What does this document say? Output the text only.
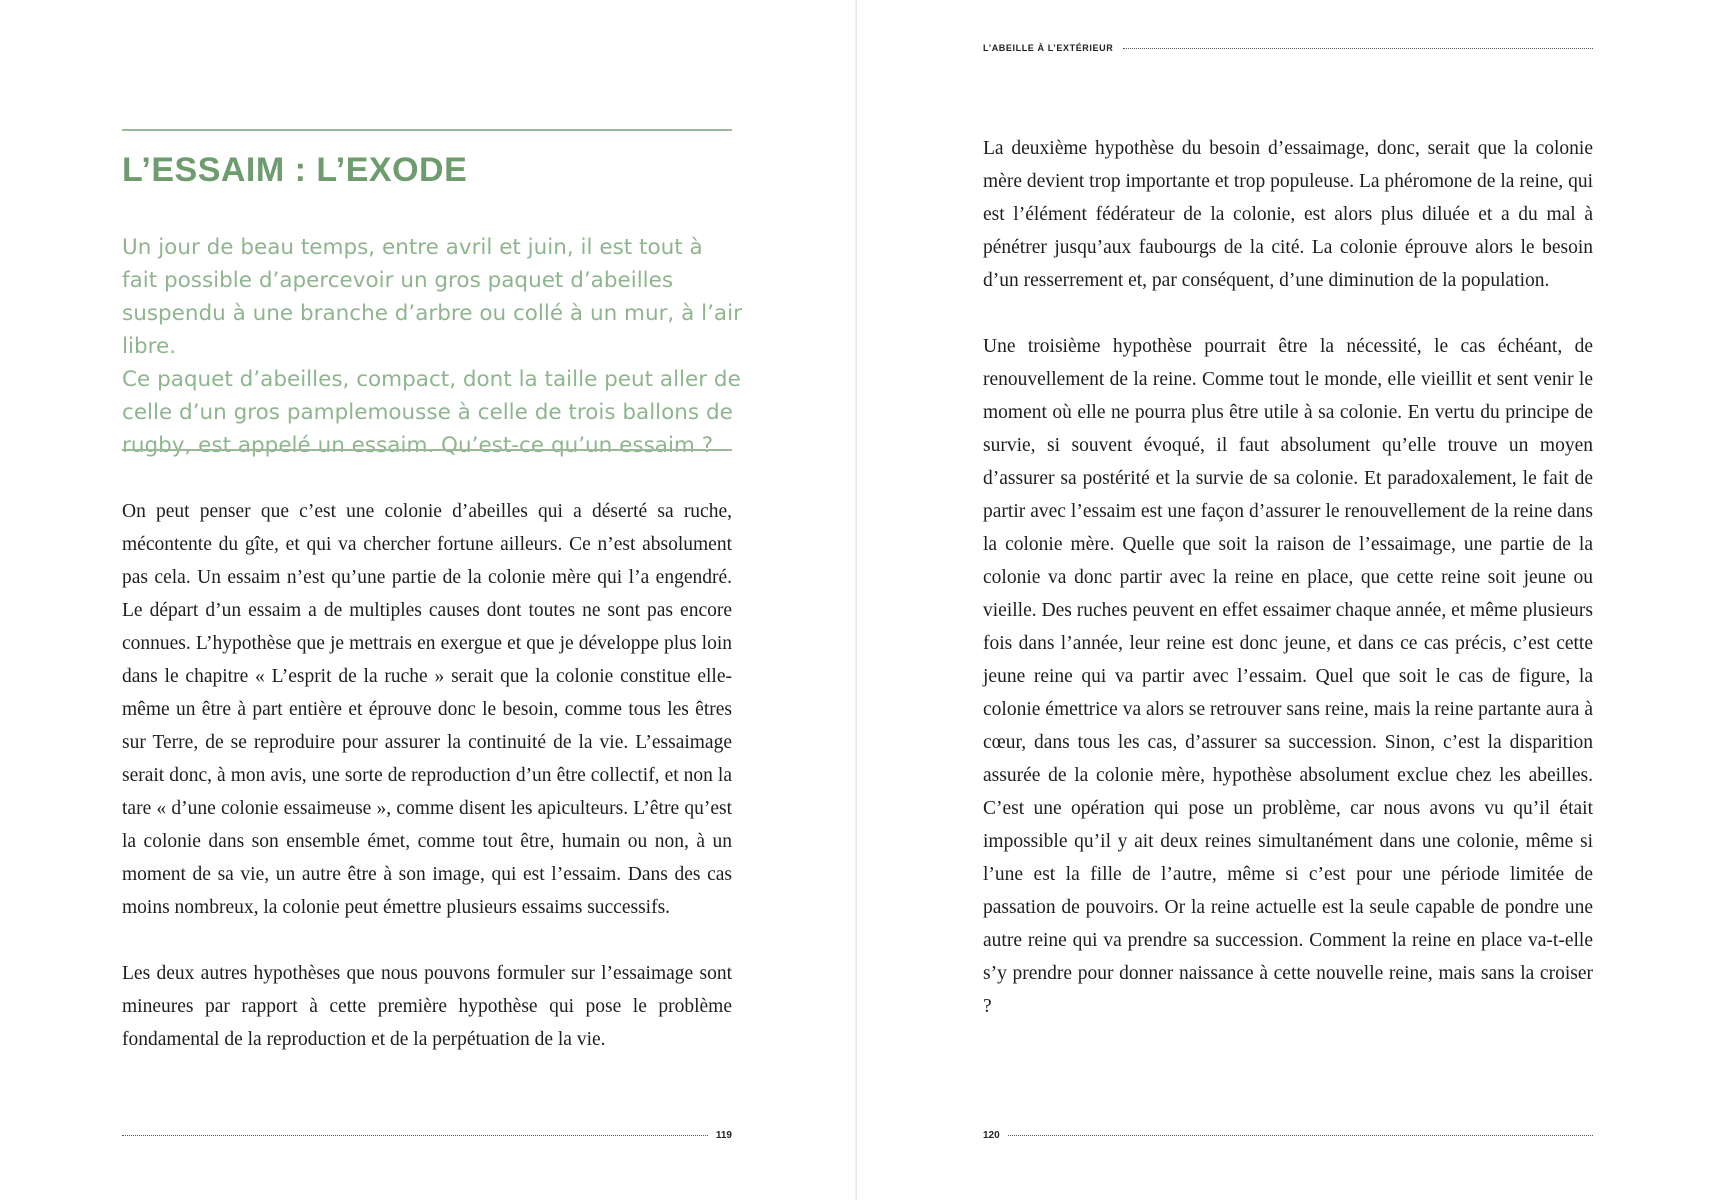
L’ESSAIM : L’EXODE

Un jour de beau temps, entre avril et juin, il est tout à fait possible d’apercevoir un gros paquet d’abeilles suspendu à une branche d’arbre ou collé à un mur, à l’air libre.

Ce paquet d’abeilles, compact, dont la taille peut aller de celle d’un gros pamplemousse à celle de trois ballons de rugby, est appelé un essaim. Qu’est-ce qu’un essaim ?

On peut penser que c’est une colonie d’abeilles qui a déserté sa ruche, mécontente du gîte, et qui va chercher fortune ailleurs. Ce n’est absolument pas cela. Un essaim n’est qu’une partie de la colonie mère qui l’a engendré. Le départ d’un essaim a de multiples causes dont toutes ne sont pas encore connues. L’hypothèse que je mettrais en exergue et que je développe plus loin dans le chapitre « L’esprit de la ruche » serait que la colonie constitue elle-même un être à part entière et éprouve donc le besoin, comme tous les êtres sur Terre, de se reproduire pour assurer la continuité de la vie. L’essaimage serait donc, à mon avis, une sorte de reproduction d’un être collectif, et non la tare « d’une colonie essaimeuse », comme disent les apiculteurs. L’être qu’est la colonie dans son ensemble émet, comme tout être, humain ou non, à un moment de sa vie, un autre être à son image, qui est l’essaim. Dans des cas moins nombreux, la colonie peut émettre plusieurs essaims successifs.

Les deux autres hypothèses que nous pouvons formuler sur l’essaimage sont mineures par rapport à cette première hypothèse qui pose le problème fondamental de la reproduction et de la perpétuation de la vie.

119
L’ABEILLE À L’EXTÉRIEUR

La deuxième hypothèse du besoin d’essaimage, donc, serait que la colonie mère devient trop importante et trop populeuse. La phéromone de la reine, qui est l’élément fédérateur de la colonie, est alors plus diluée et a du mal à pénétrer jusqu’aux faubourgs de la cité. La colonie éprouve alors le besoin d’un resserrement et, par conséquent, d’une diminution de la population.

Une troisième hypothèse pourrait être la nécessité, le cas échéant, de renouvellement de la reine. Comme tout le monde, elle vieillit et sent venir le moment où elle ne pourra plus être utile à sa colonie. En vertu du principe de survie, si souvent évoqué, il faut absolument qu’elle trouve un moyen d’assurer sa postérité et la survie de sa colonie. Et paradoxalement, le fait de partir avec l’essaim est une façon d’assurer le renouvellement de la reine dans la colonie mère. Quelle que soit la raison de l’essaimage, une partie de la colonie va donc partir avec la reine en place, que cette reine soit jeune ou vieille. Des ruches peuvent en effet essaimer chaque année, et même plusieurs fois dans l’année, leur reine est donc jeune, et dans ce cas précis, c’est cette jeune reine qui va partir avec l’essaim. Quel que soit le cas de figure, la colonie émettrice va alors se retrouver sans reine, mais la reine partante aura à cœur, dans tous les cas, d’assurer sa succession. Sinon, c’est la disparition assurée de la colonie mère, hypothèse absolument exclue chez les abeilles. C’est une opération qui pose un problème, car nous avons vu qu’il était impossible qu’il y ait deux reines simultanément dans une colonie, même si l’une est la fille de l’autre, même si c’est pour une période limitée de passation de pouvoirs. Or la reine actuelle est la seule capable de pondre une autre reine qui va prendre sa succession. Comment la reine en place va-t-elle s’y prendre pour donner naissance à cette nouvelle reine, mais sans la croiser ?

120
